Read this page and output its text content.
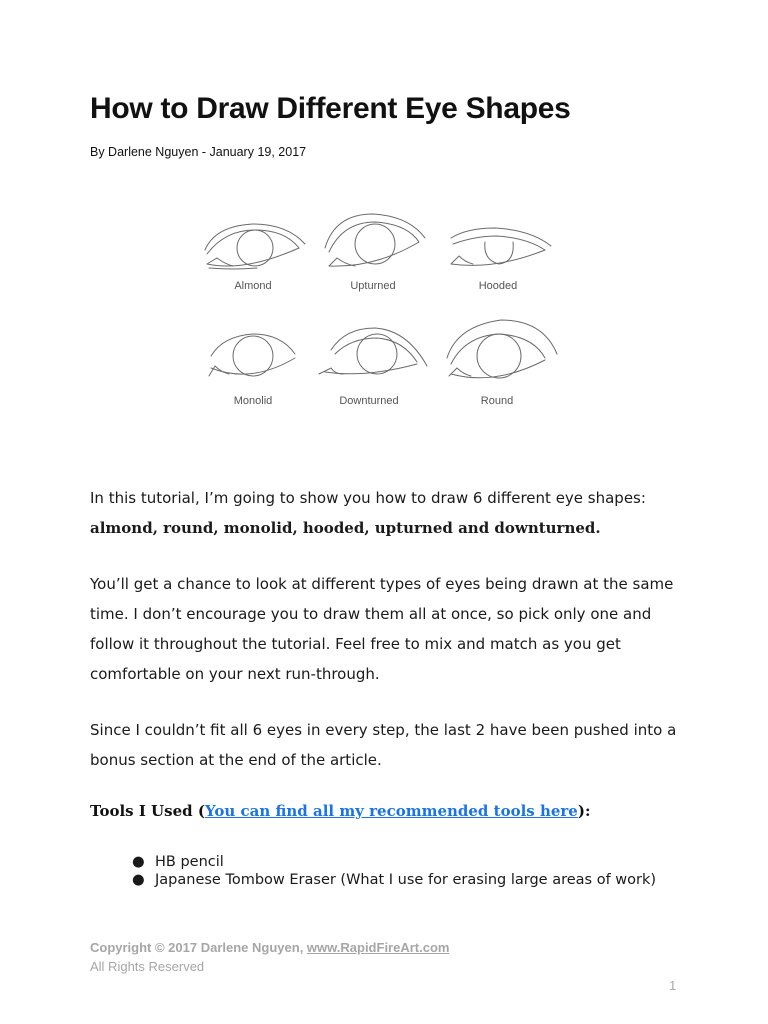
How to Draw Different Eye Shapes
By Darlene Nguyen - January 19, 2017
Almond	Upturned	Hooded
Monolid	Downturned	Round

In this tutorial, I’m going to show you how to draw 6 different eye shapes:
almond, round, monolid, hooded, upturned and downturned.

You’ll get a chance to look at different types of eyes being drawn at the same time. I don’t encourage you to draw them all at once, so pick only one and follow it throughout the tutorial. Feel free to mix and match as you get comfortable on your next run-through.

Since I couldn’t fit all 6 eyes in every step, the last 2 have been pushed into a bonus section at the end of the article.

Tools I Used (You can find all my recommended tools here):
● HB pencil
● Japanese Tombow Eraser (What I use for erasing large areas of work)
Copyright © 2017 Darlene Nguyen, www.RapidFireArt.com
All Rights Reserved
1
